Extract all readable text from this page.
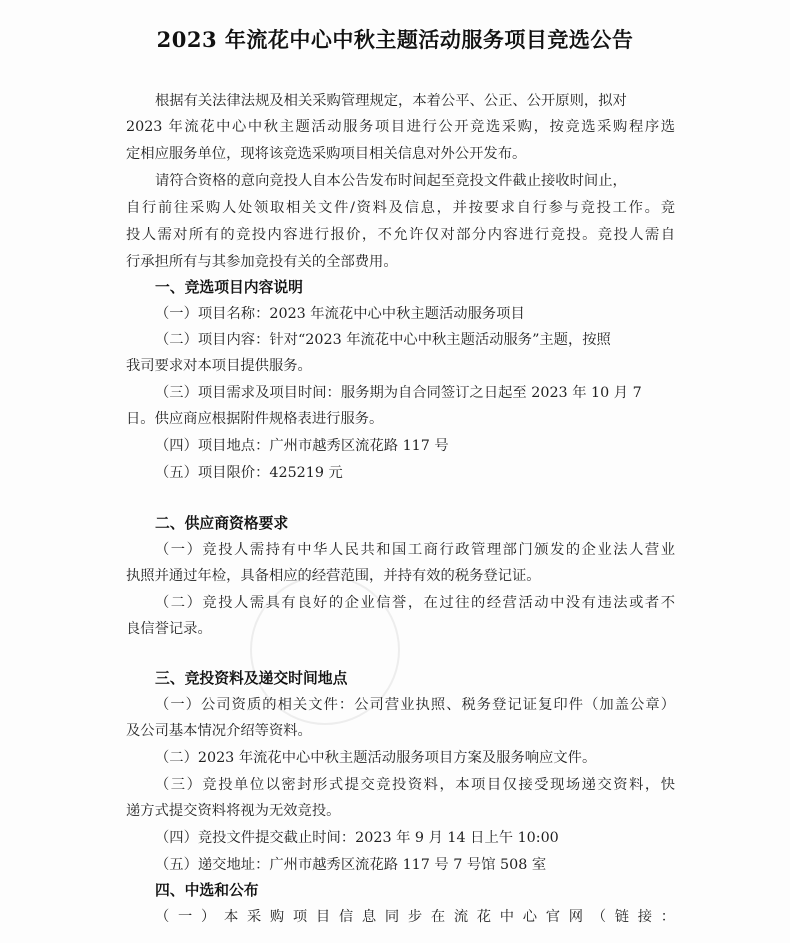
2023 年流花中心中秋主题活动服务项目竞选公告
根据有关法律法规及相关采购管理规定，本着公平、公正、公开原则，拟对
2023 年流花中心中秋主题活动服务项目进行公开竞选采购，按竞选采购程序选
定相应服务单位，现将该竞选采购项目相关信息对外公开发布。
请符合资格的意向竞投人自本公告发布时间起至竞投文件截止接收时间止，
自行前往采购人处领取相关文件/资料及信息，并按要求自行参与竞投工作。竞
投人需对所有的竞投内容进行报价，不允许仅对部分内容进行竞投。竞投人需自
行承担所有与其参加竞投有关的全部费用。
一、竞选项目内容说明
（一）项目名称：2023 年流花中心中秋主题活动服务项目
（二）项目内容：针对“2023 年流花中心中秋主题活动服务”主题，按照
我司要求对本项目提供服务。
（三）项目需求及项目时间：服务期为自合同签订之日起至 2023 年 10 月 7
日。供应商应根据附件规格表进行服务。
（四）项目地点：广州市越秀区流花路 117 号
（五）项目限价：425219 元
二、供应商资格要求
（一）竞投人需持有中华人民共和国工商行政管理部门颁发的企业法人营业
执照并通过年检，具备相应的经营范围，并持有效的税务登记证。
（二）竞投人需具有良好的企业信誉，在过往的经营活动中没有违法或者不
良信誉记录。
三、竞投资料及递交时间地点
（一）公司资质的相关文件：公司营业执照、税务登记证复印件（加盖公章）
及公司基本情况介绍等资料。
（二）2023 年流花中心中秋主题活动服务项目方案及服务响应文件。
（三）竞投单位以密封形式提交竞投资料，本项目仅接受现场递交资料，快
递方式提交资料将视为无效竞投。
（四）竞投文件提交截止时间：2023 年 9 月 14 日上午 10:00
（五）递交地址：广州市越秀区流花路 117 号 7 号馆 508 室
四、中选和公布
（一）本采购项目信息同步在流花中心官网（链接：
